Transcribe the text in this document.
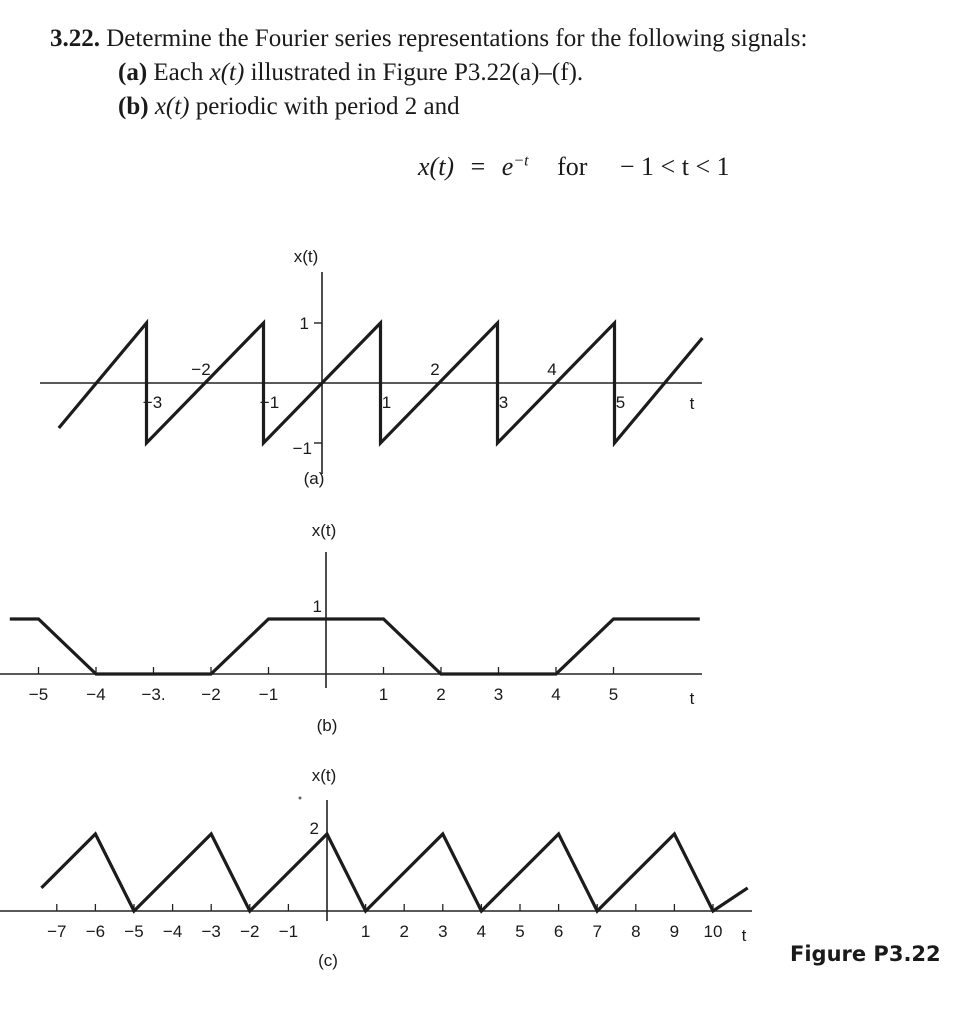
3.22. Determine the Fourier series representations for the following signals:
(a) Each x(t) illustrated in Figure P3.22(a)–(f).
(b) x(t) periodic with period 2 and
$x(t) = e^{-t}$ for − 1 < t < 1
x(t)
1
−1
t
(a)
−3
−2
−1	1
2
3
4
5
x(t)
1
t
(b)
−5 −4 −3. −2 −1	1	2	3	4	5
x(t)
2
t
(c)
−7 −6 −5 −4 −3 −2 −1	1 2 3 4 5 6 7 8 9 10
Figure P3.22
